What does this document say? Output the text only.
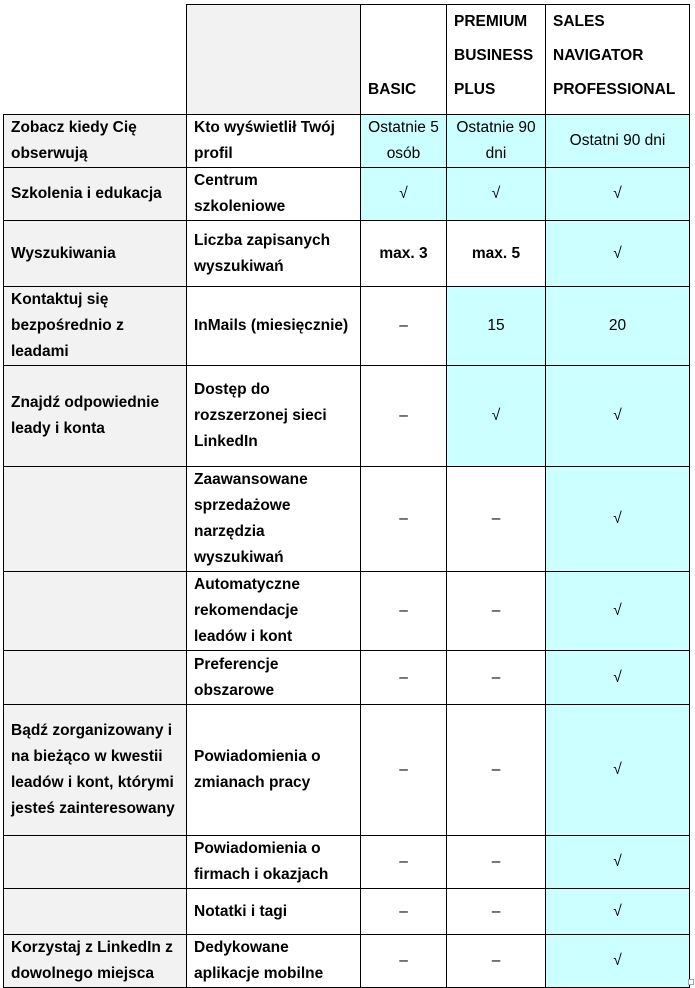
		BASIC	PREMIUM BUSINESS PLUS	SALES NAVIGATOR PROFESSIONAL
Zobacz kiedy Cię obserwują	Kto wyświetlił Twój profil	Ostatnie 5 osób	Ostatnie 90 dni	Ostatni 90 dni
Szkolenia i edukacja	Centrum szkoleniowe	√	√	√
Wyszukiwania	Liczba zapisanych wyszukiwań	max. 3	max. 5	√
Kontaktuj się bezpośrednio z leadami	InMails (miesięcznie)	–	15	20
Znajdź odpowiednie leady i konta	Dostęp do rozszerzonej sieci LinkedIn	–	√	√
	Zaawansowane sprzedażowe narzędzia wyszukiwań	–	–	√
	Automatyczne rekomendacje leadów i kont	–	–	√
	Preferencje obszarowe	–	–	√
Bądź zorganizowany i na bieżąco w kwestii leadów i kont, którymi jesteś zainteresowany	Powiadomienia o zmianach pracy	–	–	√
	Powiadomienia o firmach i okazjach	–	–	√
	Notatki i tagi	–	–	√
Korzystaj z LinkedIn z dowolnego miejsca	Dedykowane aplikacje mobilne	–	–	√
